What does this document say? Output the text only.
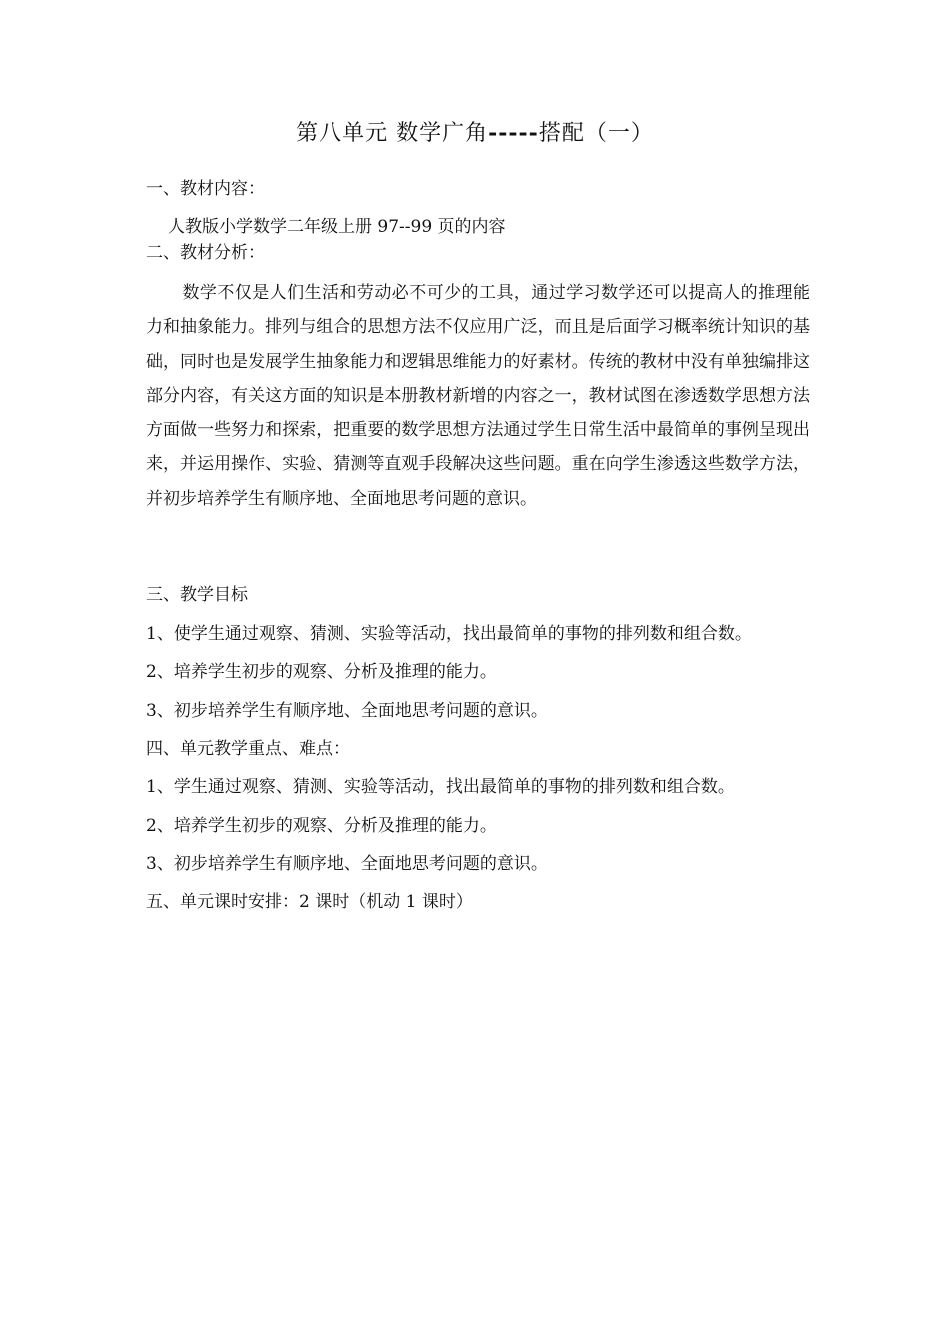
第八单元 数学广角-----搭配（一）
一、教材内容：
人教版小学数学二年级上册 97--99 页的内容
二、教材分析：
数学不仅是人们生活和劳动必不可少的工具，通过学习数学还可以提高人的推理能力和抽象能力。排列与组合的思想方法不仅应用广泛，而且是后面学习概率统计知识的基础，同时也是发展学生抽象能力和逻辑思维能力的好素材。传统的教材中没有单独编排这部分内容，有关这方面的知识是本册教材新增的内容之一，教材试图在渗透数学思想方法方面做一些努力和探索，把重要的数学思想方法通过学生日常生活中最简单的事例呈现出来，并运用操作、实验、猜测等直观手段解决这些问题。重在向学生渗透这些数学方法，并初步培养学生有顺序地、全面地思考问题的意识。
三、教学目标
1、使学生通过观察、猜测、实验等活动，找出最简单的事物的排列数和组合数。
2、培养学生初步的观察、分析及推理的能力。
3、初步培养学生有顺序地、全面地思考问题的意识。
四、单元教学重点、难点：
1、学生通过观察、猜测、实验等活动，找出最简单的事物的排列数和组合数。
2、培养学生初步的观察、分析及推理的能力。
3、初步培养学生有顺序地、全面地思考问题的意识。
五、单元课时安排：2 课时（机动 1 课时）
